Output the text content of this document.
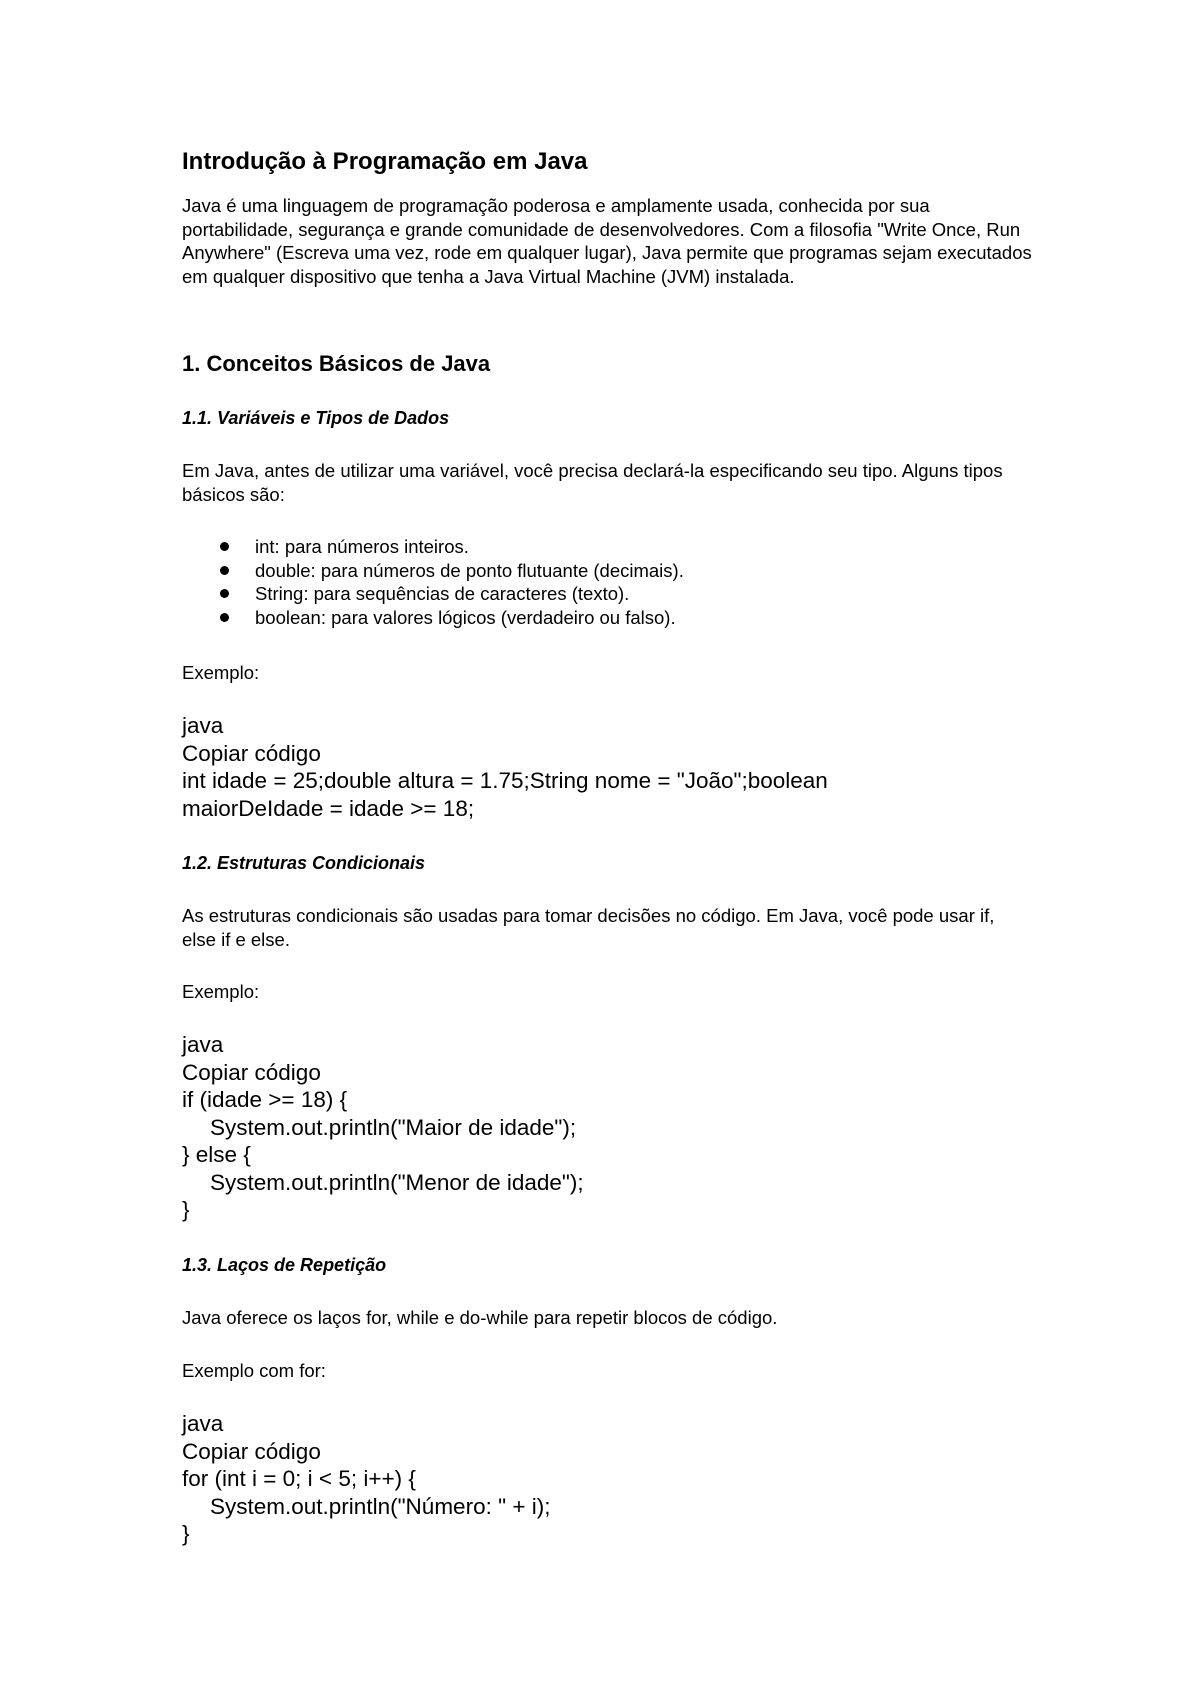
Introdução à Programação em Java

Java é uma linguagem de programação poderosa e amplamente usada, conhecida por sua portabilidade, segurança e grande comunidade de desenvolvedores. Com a filosofia "Write Once, Run Anywhere" (Escreva uma vez, rode em qualquer lugar), Java permite que programas sejam executados em qualquer dispositivo que tenha a Java Virtual Machine (JVM) instalada.

1. Conceitos Básicos de Java
1.1. Variáveis e Tipos de Dados

Em Java, antes de utilizar uma variável, você precisa declará-la especificando seu tipo. Alguns tipos básicos são:

int: para números inteiros.
double: para números de ponto flutuante (decimais).
String: para sequências de caracteres (texto).
boolean: para valores lógicos (verdadeiro ou falso).

Exemplo:

java
Copiar código
int idade = 25;double altura = 1.75;String nome = "João";boolean
maiorDeIdade = idade >= 18;
1.2. Estruturas Condicionais

As estruturas condicionais são usadas para tomar decisões no código. Em Java, você pode usar if, else if e else.

Exemplo:

java
Copiar código
if (idade >= 18) {
System.out.println("Maior de idade");
} else {
System.out.println("Menor de idade");
}
1.3. Laços de Repetição

Java oferece os laços for, while e do-while para repetir blocos de código.

Exemplo com for:

java
Copiar código
for (int i = 0; i < 5; i++) {
System.out.println("Número: " + i);
}
